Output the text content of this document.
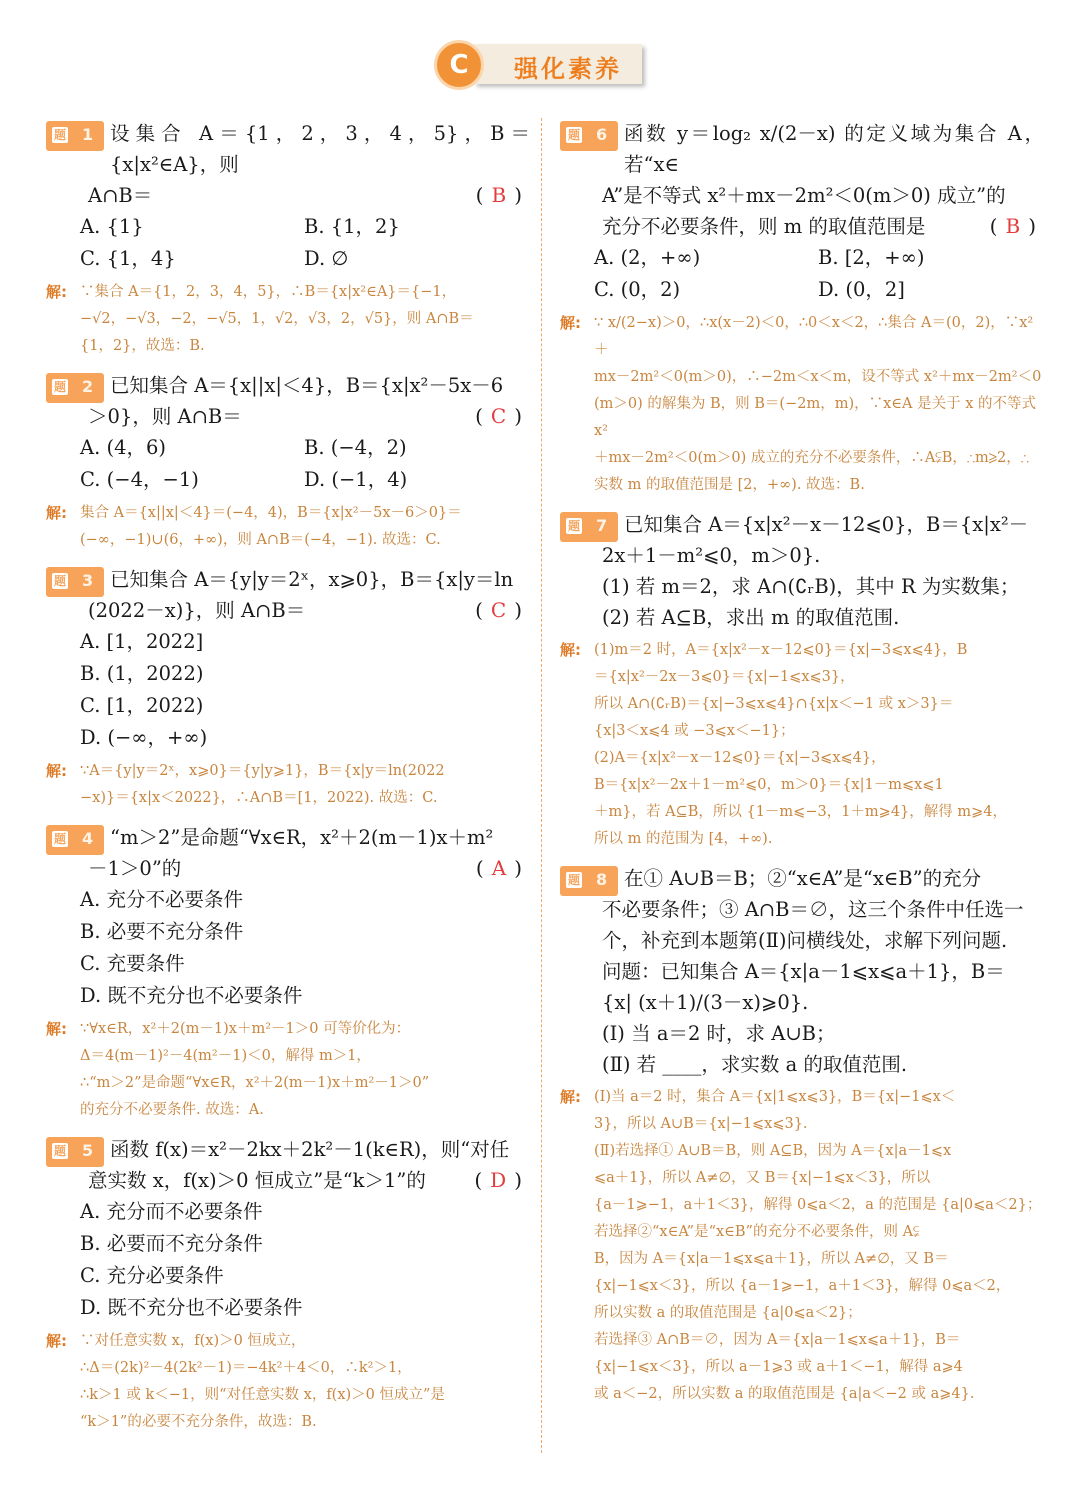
C	强化素养
题 1 设集合 A＝{1，2，3，4，5}，B＝{x|x²∈A}，则
A∩B＝	(B)
A. {1}	B. {1，2}
C. {1，4}	D. ∅
解: ∵集合 A＝{1，2，3，4，5}，∴B＝{x|x²∈A}＝{−1，

−√2，−√3，−2，−√5，1，√2，√3，2，√5}，则 A∩B＝

{1，2}，故选：B.

题 2 已知集合 A＝{x||x|＜4}，B＝{x|x²－5x－6
＞0}，则 A∩B＝	(C)
A. (4，6)	B. (−4，2)
C. (−4，−1)	D. (−1，4)
解: 集合 A＝{x||x|＜4}＝(−4，4)，B＝{x|x²－5x－6＞0}＝

(−∞，−1)∪(6，+∞)，则 A∩B＝(−4，−1). 故选：C.

题 3 已知集合 A＝{y|y＝2ˣ，x⩾0}，B＝{x|y＝ln
(2022－x)}，则 A∩B＝	(C)
A. [1，2022]
B. (1，2022)
C. [1，2022)
D. (−∞，+∞)
解: ∵A＝{y|y＝2ˣ，x⩾0}＝{y|y⩾1}，B＝{x|y＝ln(2022

−x)}＝{x|x＜2022}，∴A∩B＝[1，2022). 故选：C.

题 4 “m＞2”是命题“∀x∈R，x²＋2(m－1)x＋m²
－1＞0”的	(A)
A. 充分不必要条件
B. 必要不充分条件
C. 充要条件
D. 既不充分也不必要条件
解: ∵∀x∈R，x²＋2(m－1)x＋m²－1＞0 可等价化为：

Δ＝4(m－1)²－4(m²－1)＜0，解得 m＞1，

∴“m＞2”是命题“∀x∈R，x²＋2(m－1)x＋m²－1＞0”

的充分不必要条件. 故选：A.

题 5 函数 f(x)＝x²－2kx＋2k²－1(k∈R)，则“对任
意实数 x，f(x)＞0 恒成立”是“k＞1”的 (D)
A. 充分而不必要条件
B. 必要而不充分条件
C. 充分必要条件
D. 既不充分也不必要条件
解: ∵对任意实数 x，f(x)＞0 恒成立，

∴Δ＝(2k)²－4(2k²－1)＝−4k²＋4＜0，∴k²＞1，

∴k＞1 或 k＜−1，则“对任意实数 x，f(x)＞0 恒成立”是

“k＞1”的必要不充分条件，故选：B.

题 6 函数 y＝log₂ x/(2－x) 的定义域为集合 A，若“x∈
A”是不等式 x²＋mx－2m²＜0(m＞0) 成立”的
充分不必要条件，则 m 的取值范围是	(B)
A. (2，+∞)	B. [2，+∞)
C. (0，2)	D. (0，2]
解: ∵ x/(2−x)＞0，∴x(x－2)＜0，∴0＜x＜2，∴集合 A＝(0，2)，∵x²＋

mx－2m²＜0(m＞0)，∴−2m＜x＜m，设不等式 x²＋mx－2m²＜0

(m＞0) 的解集为 B，则 B＝(−2m，m)，∵x∈A 是关于 x 的不等式 x²

＋mx－2m²＜0(m＞0) 成立的充分不必要条件，∴A⫋B，∴m⩾2，∴

实数 m 的取值范围是 [2，+∞). 故选：B.

题 7 已知集合 A＝{x|x²－x－12⩽0}，B＝{x|x²－
2x＋1－m²⩽0，m＞0}.
(1) 若 m＝2，求 A∩(∁ᵣB)，其中 R 为实数集；
(2) 若 A⊆B，求出 m 的取值范围.
解: (1)m＝2 时，A＝{x|x²－x－12⩽0}＝{x|−3⩽x⩽4}，B

＝{x|x²－2x－3⩽0}＝{x|−1⩽x⩽3}，

所以 A∩(∁ᵣB)＝{x|−3⩽x⩽4}∩{x|x＜−1 或 x＞3}＝

{x|3＜x⩽4 或 −3⩽x＜−1}；

(2)A＝{x|x²－x－12⩽0}＝{x|−3⩽x⩽4}，

B＝{x|x²－2x＋1－m²⩽0，m＞0}＝{x|1－m⩽x⩽1

＋m}，若 A⊆B，所以 {1－m⩽−3，1＋m⩾4}，解得 m⩾4，

所以 m 的范围为 [4，+∞).

题 8 在① A∪B＝B；②“x∈A”是“x∈B”的充分
不必要条件；③ A∩B＝∅，这三个条件中任选一
个，补充到本题第(Ⅱ)问横线处，求解下列问题.
问题：已知集合 A＝{x|a－1⩽x⩽a＋1}，B＝
{x| (x＋1)/(3－x)⩾0}.
(Ⅰ) 当 a＝2 时，求 A∪B；
(Ⅱ) 若 ____，求实数 a 的取值范围.
解: (Ⅰ)当 a＝2 时，集合 A＝{x|1⩽x⩽3}，B＝{x|−1⩽x＜

3}，所以 A∪B＝{x|−1⩽x⩽3}.

(Ⅱ)若选择① A∪B＝B，则 A⊆B，因为 A＝{x|a－1⩽x

⩽a＋1}，所以 A≠∅，又 B＝{x|−1⩽x＜3}，所以

{a－1⩾−1，a＋1＜3}，解得 0⩽a＜2，a 的范围是 {a|0⩽a＜2}；

若选择②“x∈A”是“x∈B”的充分不必要条件，则 A⫋

B，因为 A＝{x|a－1⩽x⩽a＋1}，所以 A≠∅，又 B＝

{x|−1⩽x＜3}，所以 {a－1⩾−1，a＋1＜3}，解得 0⩽a＜2，

所以实数 a 的取值范围是 {a|0⩽a＜2}；

若选择③ A∩B＝∅，因为 A＝{x|a－1⩽x⩽a＋1}，B＝

{x|−1⩽x＜3}，所以 a－1⩾3 或 a＋1＜−1，解得 a⩾4

或 a＜−2，所以实数 a 的取值范围是 {a|a＜−2 或 a⩾4}.
